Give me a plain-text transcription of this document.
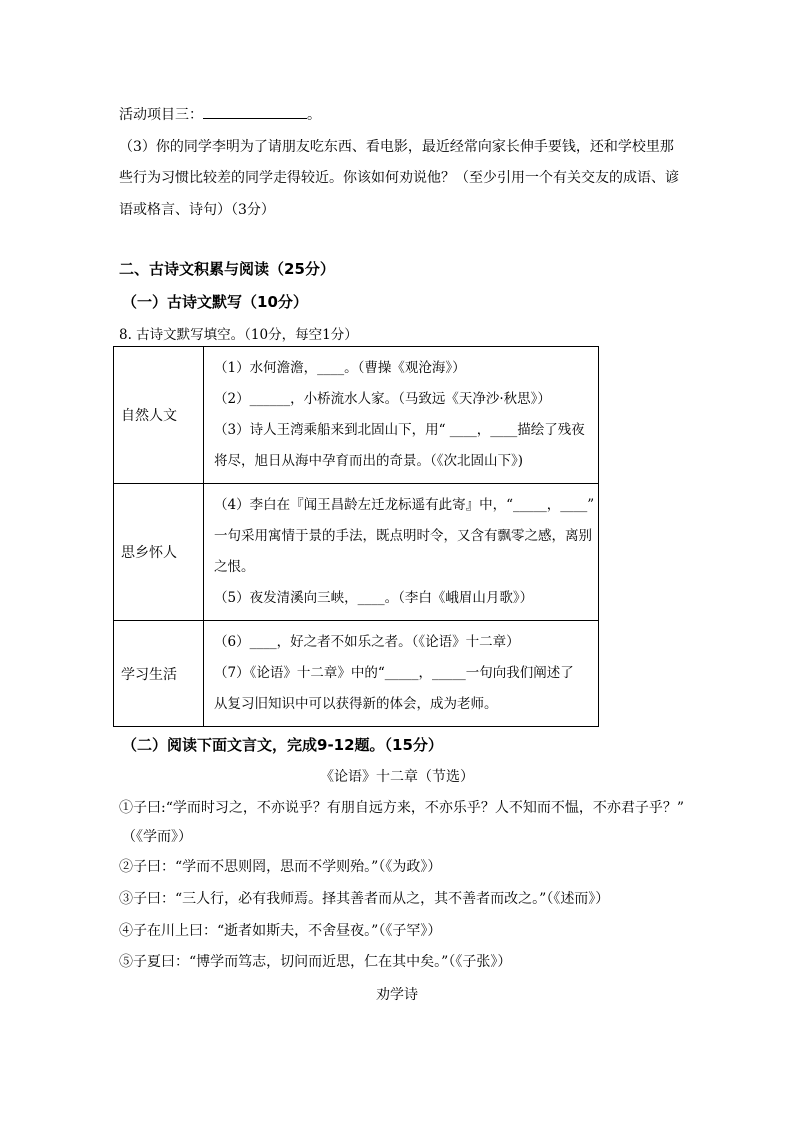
活动项目三：	。
（3）你的同学李明为了请朋友吃东西、看电影，最近经常向家长伸手要钱，还和学校里那
些行为习惯比较差的同学走得较近。你该如何劝说他？（至少引用一个有关交友的成语、谚
语或格言、诗句）（3分）
二、古诗文积累与阅读（25分）
（一）古诗文默写（10分）
8. 古诗文默写填空。（10分，每空1分）
自然人文	（1）水何澹澹，____。（曹操《观沧海》）
（2）______，小桥流水人家。（马致远《天净沙·秋思》）
（3）诗人王湾乘船来到北固山下，用“ ____，____描绘了残夜
将尽，旭日从海中孕育而出的奇景。（《次北固山下》)

思乡怀人	（4）李白在『闻王昌龄左迁龙标遥有此寄』中，“_____，____”
一句采用寓情于景的手法，既点明时令，又含有飘零之感，离别
之恨。
（5）夜发清溪向三峡，____。（李白《峨眉山月歌》）

学习生活	（6）____，好之者不如乐之者。（《论语》十二章）
（7）《论语》十二章》中的“_____，_____一句向我们阐述了
从复习旧知识中可以获得新的体会，成为老师。
（二）阅读下面文言文，完成9-12题。（15分）
《论语》十二章（节选）
①子曰:“学而时习之，不亦说乎？有朋自远方来，不亦乐乎？人不知而不愠，不亦君子乎？”
（《学而》）
②子曰：“学而不思则罔，思而不学则殆。”（《为政》）
③子曰：“三人行，必有我师焉。择其善者而从之，其不善者而改之。”（《述而》）
④子在川上曰：“逝者如斯夫，不舍昼夜。”（《子罕》）
⑤子夏曰：“博学而笃志，切问而近思，仁在其中矣。”（《子张》）
劝学诗
